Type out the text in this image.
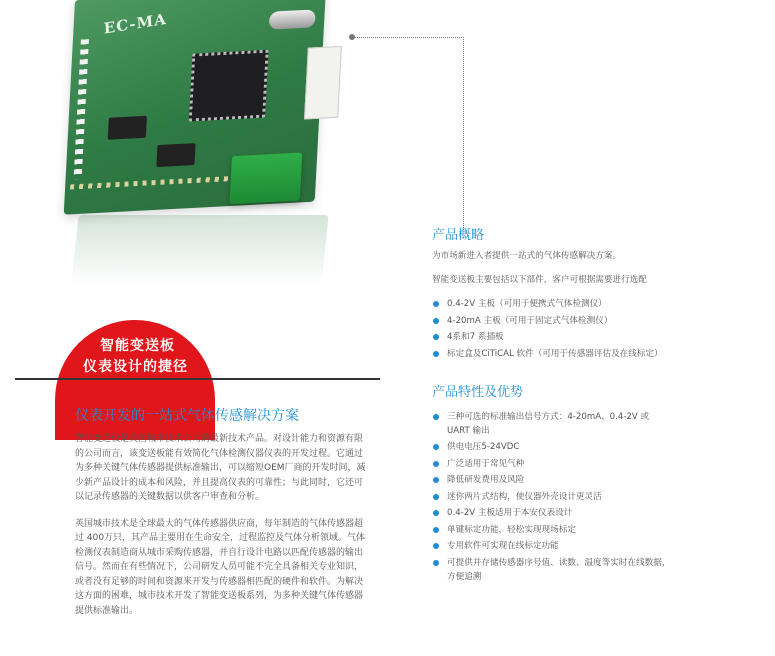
EC-MA
智能变送板
仪表设计的捷径
仪表开发的一站式气体传感解决方案

智能变送板是英国城市技术公司的最新技术产品。对设计能力和资源有限的公司而言，该变送板能有效简化气体检测仪器仪表的开发过程。它通过为多种关键气体传感器提供标准输出，可以缩短OEM厂商的开发时间，减少新产品设计的成本和风险，并且提高仪表的可靠性；与此同时，它还可以记录传感器的关键数据以供客户审查和分析。

英国城市技术是全球最大的气体传感器供应商，每年制造的气体传感器超过 400万只，其产品主要用在生命安全，过程监控及气体分析领域。气体检测仪表制造商从城市采购传感器，并自行设计电路以匹配传感器的输出信号。然而在有些情况下，公司研发人员可能不完全具备相关专业知识，或者没有足够的时间和资源来开发与传感器相匹配的硬件和软件。为解决这方面的困难，城市技术开发了智能变送板系列，为多种关键气体传感器提供标准输出。

产品概略

为市场新进入者提供一站式的气体传感解决方案。

智能变送板主要包括以下部件，客户可根据需要进行选配

0.4-2V 主板（可用于便携式气体检测仪）
4-20mA 主板（可用于固定式气体检测仪）
4系和7 系插板
标定盒及CiTiCAL 软件（可用于传感器评估及在线标定）
产品特性及优势
三种可选的标准输出信号方式：4-20mA、0.4-2V 或 UART 输出
供电电压5-24VDC
广泛适用于常见气种
降低研发费用及风险
迷你两片式结构，使仪器外壳设计更灵活
0.4-2V 主板适用于本安仪表设计
单键标定功能，轻松实现现场标定
专用软件可实现在线标定功能
可提供并存储传感器序号值、读数、温度等实时在线数据，方便追溯
